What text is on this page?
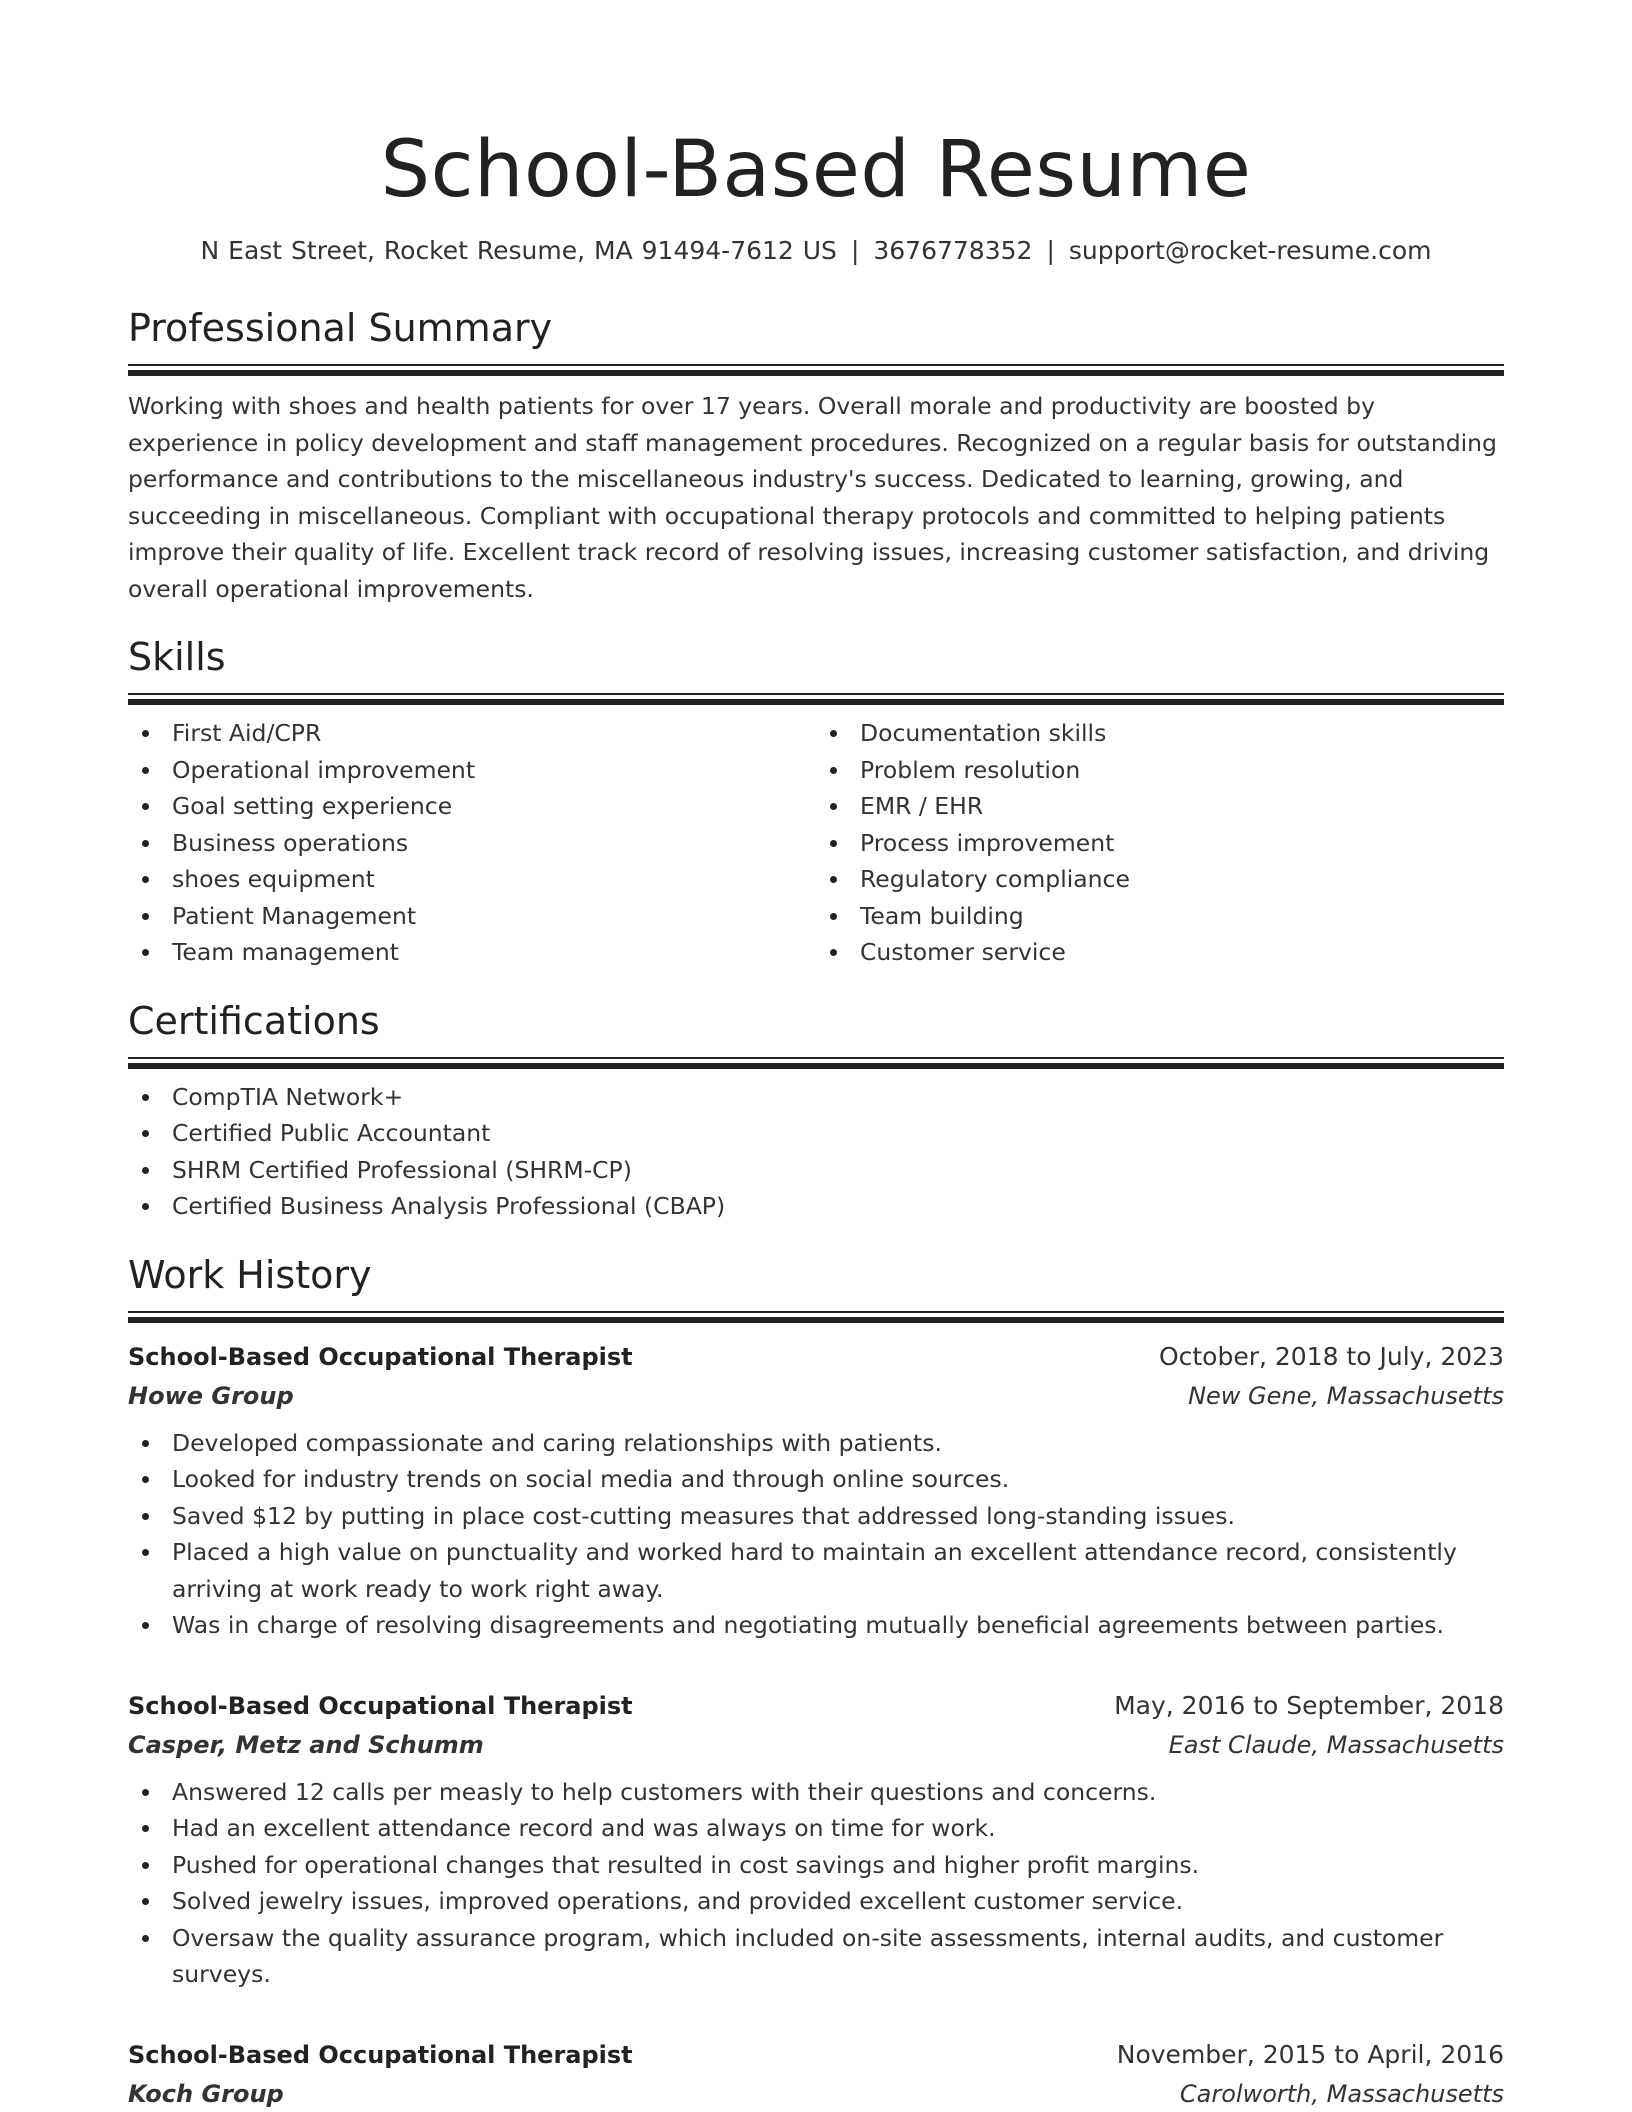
School-Based Resume
N East Street, Rocket Resume, MA 91494-7612 US | 3676778352 | support@rocket-resume.com
Professional Summary

Working with shoes and health patients for over 17 years. Overall morale and productivity are boosted by experience in policy development and staff management procedures. Recognized on a regular basis for outstanding performance and contributions to the miscellaneous industry's success. Dedicated to learning, growing, and succeeding in miscellaneous. Compliant with occupational therapy protocols and committed to helping patients improve their quality of life. Excellent track record of resolving issues, increasing customer satisfaction, and driving overall operational improvements.

Skills
First Aid/CPR
Operational improvement
Goal setting experience
Business operations
shoes equipment
Patient Management
Team management
Documentation skills
Problem resolution
EMR / EHR
Process improvement
Regulatory compliance
Team building
Customer service
Certifications
CompTIA Network+
Certified Public Accountant
SHRM Certified Professional (SHRM-CP)
Certified Business Analysis Professional (CBAP)
Work History
School-Based Occupational Therapist	October, 2018 to July, 2023
Howe Group	New Gene, Massachusetts
Developed compassionate and caring relationships with patients.
Looked for industry trends on social media and through online sources.
Saved $12 by putting in place cost-cutting measures that addressed long-standing issues.
Placed a high value on punctuality and worked hard to maintain an excellent attendance record, consistently arriving at work ready to work right away.
Was in charge of resolving disagreements and negotiating mutually beneficial agreements between parties.
School-Based Occupational Therapist	May, 2016 to September, 2018
Casper, Metz and Schumm	East Claude, Massachusetts
Answered 12 calls per measly to help customers with their questions and concerns.
Had an excellent attendance record and was always on time for work.
Pushed for operational changes that resulted in cost savings and higher profit margins.
Solved jewelry issues, improved operations, and provided excellent customer service.
Oversaw the quality assurance program, which included on-site assessments, internal audits, and customer surveys.
School-Based Occupational Therapist	November, 2015 to April, 2016
Koch Group	Carolworth, Massachusetts
